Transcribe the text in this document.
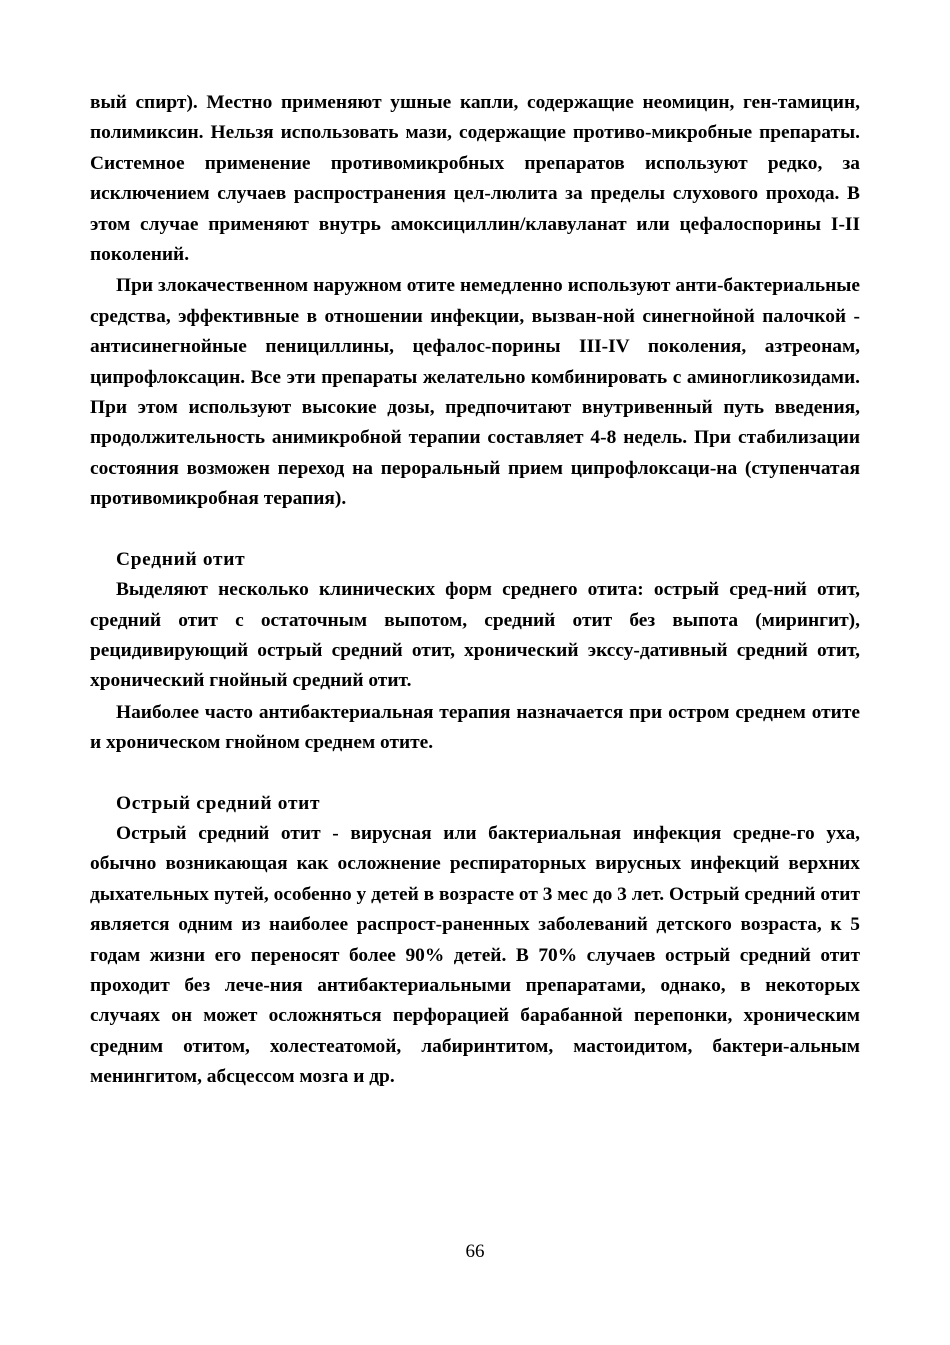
вый спирт). Местно применяют ушные капли, содержащие неомицин, ген-тамицин, полимиксин. Нельзя использовать мази, содержащие противо-микробные препараты. Системное применение противомикробных препаратов используют редко, за исключением случаев распространения цел-люлита за пределы слухового прохода. В этом случае применяют внутрь амоксициллин/клавуланат или цефалоспорины I-II поколений.

При злокачественном наружном отите немедленно используют анти-бактериальные средства, эффективные в отношении инфекции, вызван-ной синегнойной палочкой - антисинегнойные пенициллины, цефалос-порины III-IV поколения, азтреонам, ципрофлоксацин. Все эти препараты желательно комбинировать с аминогликозидами. При этом используют высокие дозы, предпочитают внутривенный путь введения, продолжительность анимикробной терапии составляет 4-8 недель. При стабилизации состояния возможен переход на пероральный прием ципрофлоксаци-на (ступенчатая противомикробная терапия).

Средний отит

Выделяют несколько клинических форм среднего отита: острый сред-ний отит, средний отит с остаточным выпотом, средний отит без выпота (мирингит), рецидивирующий острый средний отит, хронический экссу-дативный средний отит, хронический гнойный средний отит.

Наиболее часто антибактериальная терапия назначается при остром среднем отите и хроническом гнойном среднем отите.

Острый средний отит

Острый средний отит - вирусная или бактериальная инфекция средне-го уха, обычно возникающая как осложнение респираторных вирусных инфекций верхних дыхательных путей, особенно у детей в возрасте от 3 мес до 3 лет. Острый средний отит является одним из наиболее распрост-раненных заболеваний детского возраста, к 5 годам жизни его переносят более 90% детей. В 70% случаев острый средний отит проходит без лече-ния антибактериальными препаратами, однако, в некоторых случаях он может осложняться перфорацией барабанной перепонки, хроническим средним отитом, холестеатомой, лабиринтитом, мастоидитом, бактери-альным менингитом, абсцессом мозга и др.

66
